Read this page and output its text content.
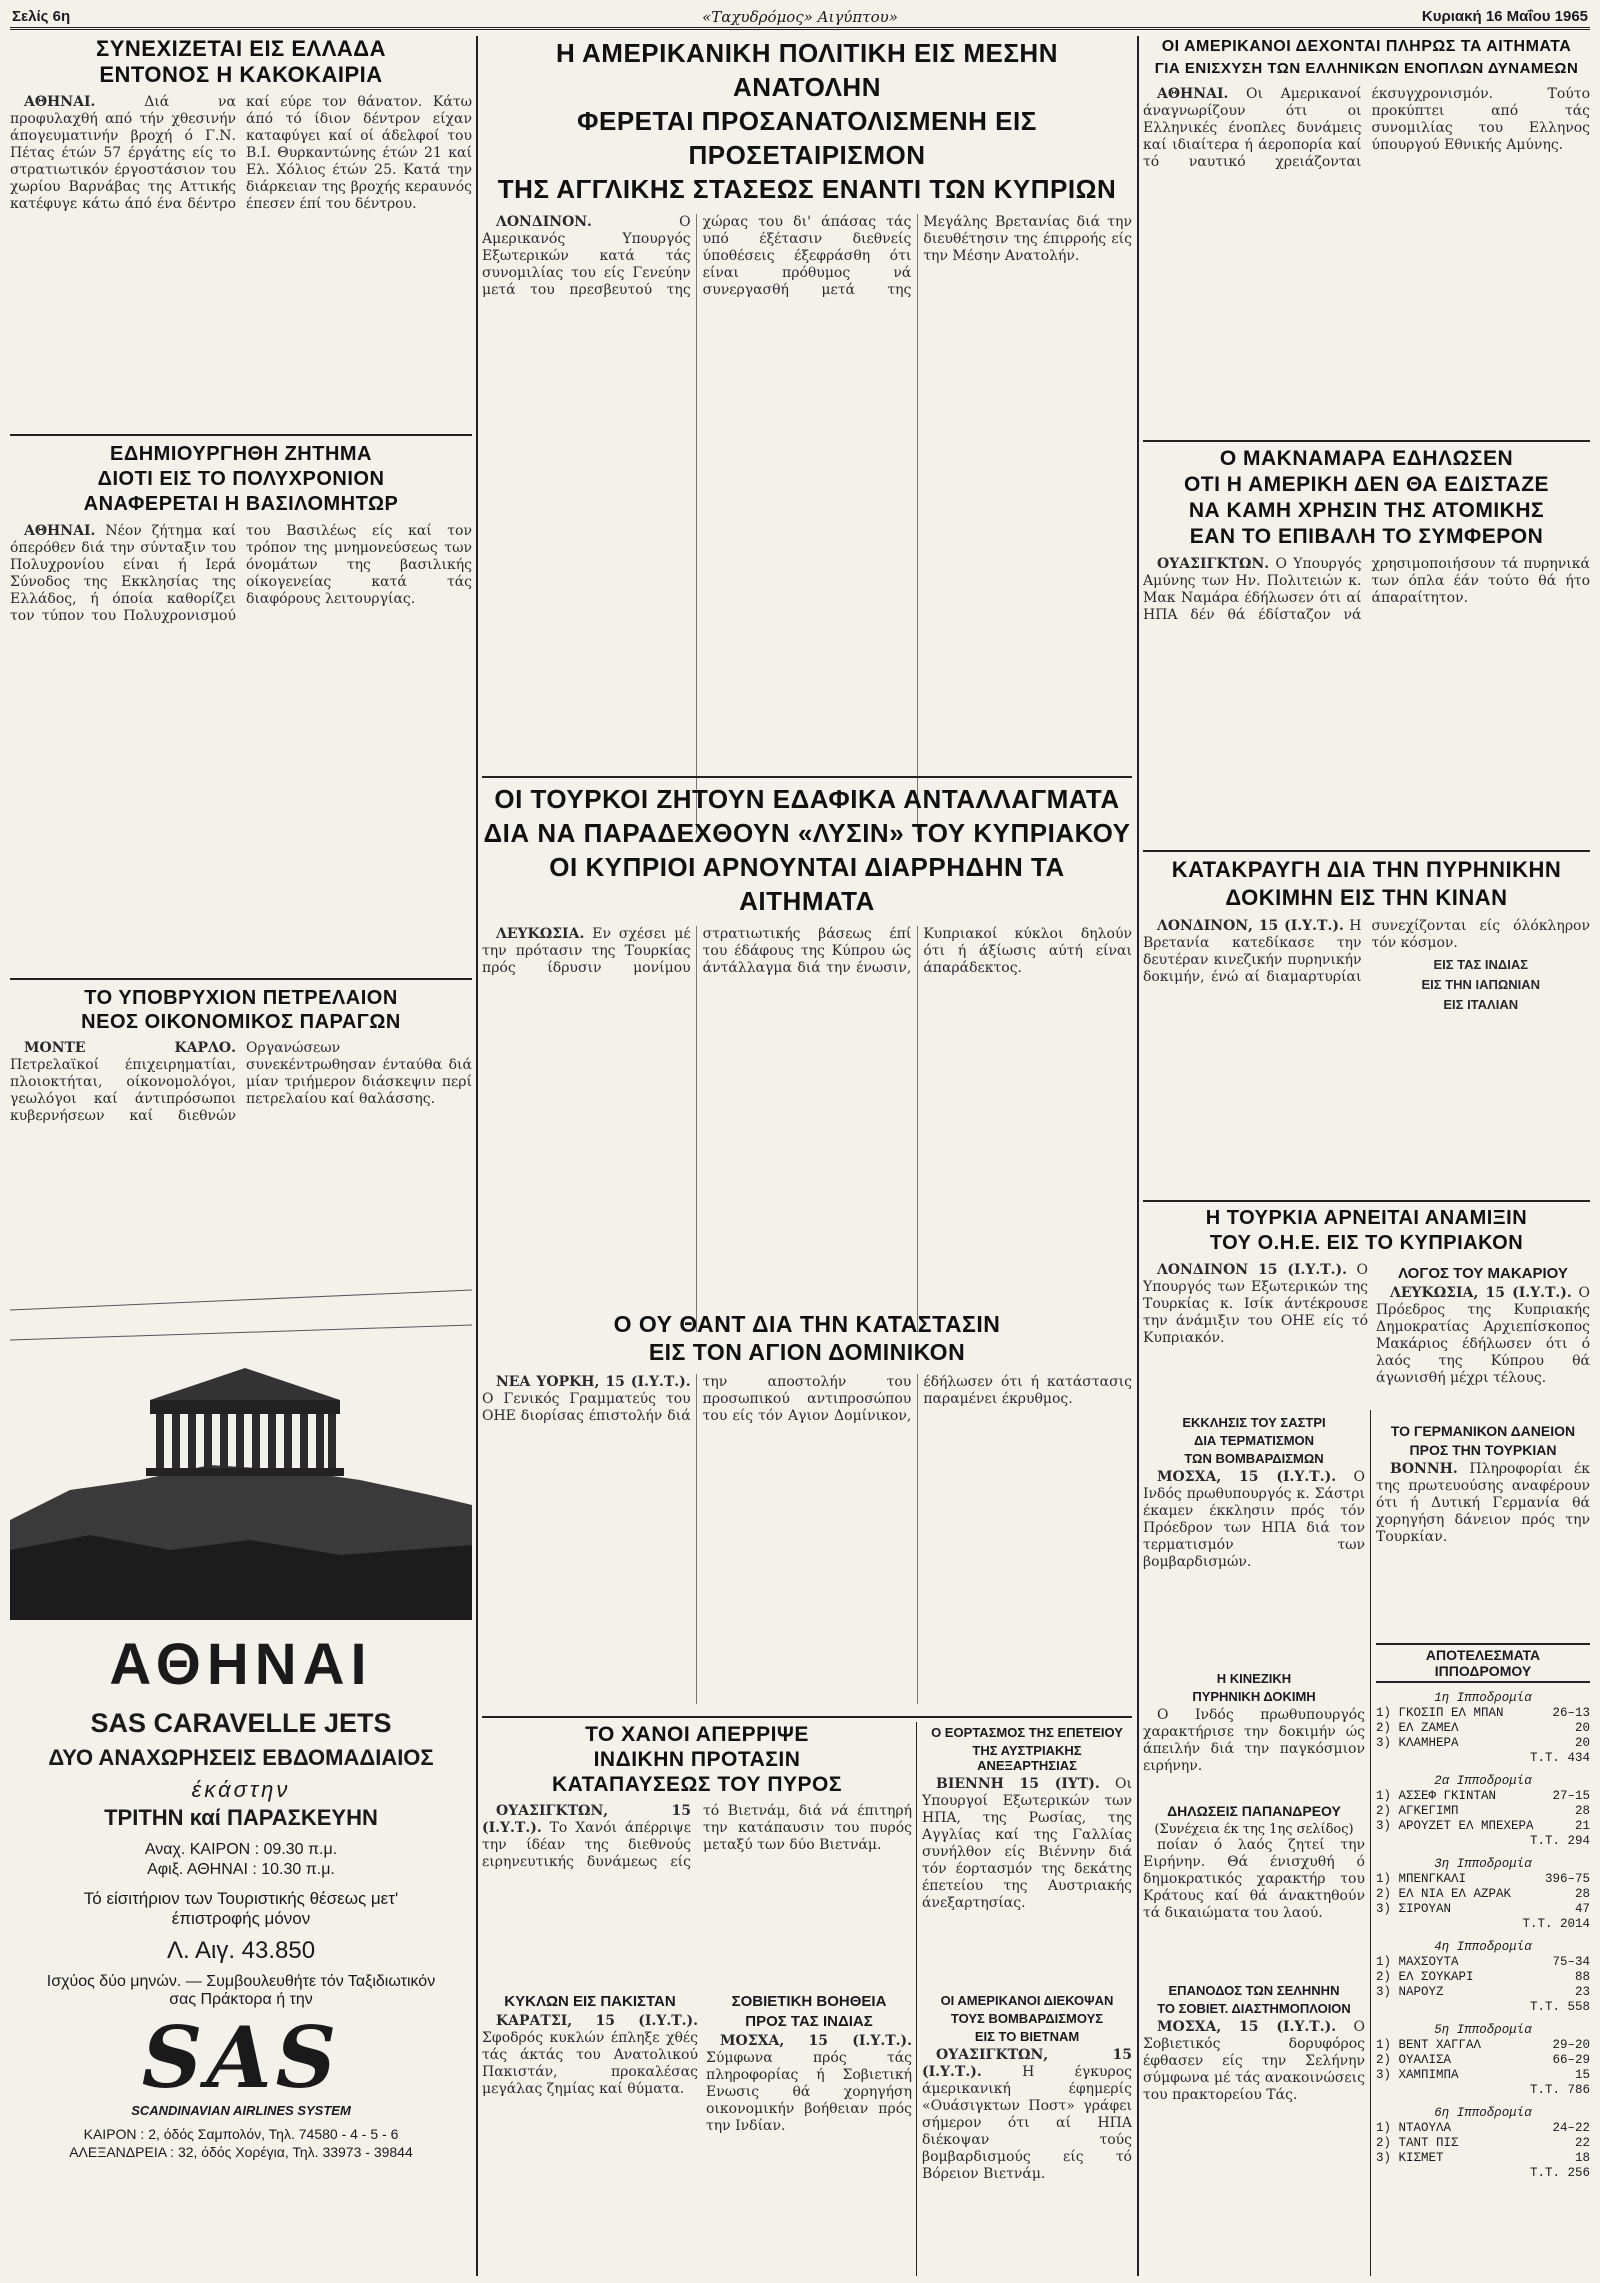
Σελίς 6η	«Ταχυδρόμος» Αιγύπτου»	Κυριακή 16 Μαΐου 1965
ΣΥΝΕΧΙΖΕΤΑΙ ΕΙΣ ΕΛΛΑΔΑ
ΕΝΤΟΝΟΣ Η ΚΑΚΟΚΑΙΡΙΑ

ΑΘΗΝΑΙ.	Διά να προφυλαχθή από τήν χθεσινήν άπογευματινήν βροχή ό Γ.Ν. Πέτας έτών 57 έργάτης είς το στρατιωτικόν έργοστάσιον του χωρίου Βαρνάβας της Αττικής κατέφυγε κάτω άπό ένα δέντρο καί εύρε τον θάνατον. Κάτω άπό τό ίδιον δέντρον είχαν καταφύγει καί οί άδελφοί του Β.Ι. Θυρκαντώνης έτών 21 καί Ελ. Χόλιος έτών 25. Κατά την διάρκειαν της βροχής κεραυνός έπεσεν έπί του δέντρου.

ΕΔΗΜΙΟΥΡΓΗΘΗ ΖΗΤΗΜΑ
ΔΙΟΤΙ ΕΙΣ ΤΟ ΠΟΛΥΧΡΟΝΙΟΝ
ΑΝΑΦΕΡΕΤΑΙ Η ΒΑΣΙΛΟΜΗΤΩΡ

ΑΘΗΝΑΙ. Νέον ζήτημα καί όπερόθεν διά την σύνταξιν του Πολυχρονίου είναι ή Ιερά Σύνοδος της Εκκλησίας της Ελλάδος, ή όποία καθορίζει τον τύπον του Πολυχρονισμού του Βασιλέως είς καί τον τρόπον της μνημονεύσεως των όνομάτων της βασιλικής οίκογενείας κατά τάς διαφόρους λειτουργίας.

ΤΟ ΥΠΟΒΡΥΧΙΟΝ ΠΕΤΡΕΛΑΙΟΝ
ΝΕΟΣ ΟΙΚΟΝΟΜΙΚΟΣ ΠΑΡΑΓΩΝ

ΜΟΝΤΕ ΚΑΡΛΟ. Πετρελαϊκοί έπιχειρηματίαι, πλοιοκτήται, οίκονομολόγοι, γεωλόγοι καί άντιπρόσωποι κυβερνήσεων καί διεθνών Οργανώσεων συνεκέντρωθησαν ένταύθα διά μίαν τριήμερον διάσκεψιν περί πετρελαίου καί θαλάσσης.

ΑΘΗΝΑΙ
SAS CARAVELLE JETS
ΔΥΟ ΑΝΑΧΩΡΗΣΕΙΣ ΕΒΔΟΜΑΔΙΑΙΟΣ
έκάστην
ΤΡΙΤΗΝ καί ΠΑΡΑΣΚΕΥΗΝ
Αναχ. ΚΑΙΡΟΝ : 09.30 π.μ.
Αφιξ. ΑΘΗΝΑΙ : 10.30 π.μ.
Τό είσιτήριον των Τουριστικής θέσεως μετ' έπιστροφής μόνον
Λ. Αιγ. 43.850
Ισχύος δύο μηνών. — Συμβουλευθήτε τόν Ταξιδιωτικόν σας Πράκτορα ή την
SAS
SCANDINAVIAN AIRLINES SYSTEM
ΚΑΙΡΟΝ : 2, όδός Σαμπολόν, Τηλ. 74580 - 4 - 5 - 6
ΑΛΕΞΑΝΔΡΕΙΑ : 32, όδός Χορέγια, Τηλ. 33973 - 39844
Η ΑΜΕΡΙΚΑΝΙΚΗ ΠΟΛΙΤΙΚΗ ΕΙΣ ΜΕΣΗΝ ΑΝΑΤΟΛΗΝ
ΦΕΡΕΤΑΙ ΠΡΟΣΑΝΑΤΟΛΙΣΜΕΝΗ ΕΙΣ ΠΡΟΣΕΤΑΙΡΙΣΜΟΝ
ΤΗΣ ΑΓΓΛΙΚΗΣ ΣΤΑΣΕΩΣ ΕΝΑΝΤΙ ΤΩΝ ΚΥΠΡΙΩΝ

ΛΟΝΔΙΝΟΝ.	Ο Αμερικανός Υπουργός Εξωτερικών κατά τάς συνομιλίας του είς Γενεύην μετά του πρεσβευτού της χώρας του δι' άπάσας τάς υπό έξέτασιν διεθνείς ύποθέσεις έξεφράσθη ότι είναι πρόθυμος νά συνεργασθή μετά της Μεγάλης Βρετανίας διά την διευθέτησιν της έπιρροής είς την Μέσην Ανατολήν.

ΟΙ ΤΟΥΡΚΟΙ ΖΗΤΟΥΝ ΕΔΑΦΙΚΑ ΑΝΤΑΛΛΑΓΜΑΤΑ
ΔΙΑ ΝΑ ΠΑΡΑΔΕΧΘΟΥΝ «ΛΥΣΙΝ» ΤΟΥ ΚΥΠΡΙΑΚΟΥ
ΟΙ ΚΥΠΡΙΟΙ ΑΡΝΟΥΝΤΑΙ ΔΙΑΡΡΗΔΗΝ ΤΑ ΑΙΤΗΜΑΤΑ

ΛΕΥΚΩΣΙΑ. Εν σχέσει μέ την πρότασιν της Τουρκίας πρός ίδρυσιν μονίμου στρατιωτικής βάσεως έπί του έδάφους της Κύπρου ώς άντάλλαγμα διά την ένωσιν, Κυπριακοί κύκλοι δηλούν ότι ή άξίωσις αύτή είναι άπαράδεκτος.

Ο ΟΥ ΘΑΝΤ ΔΙΑ ΤΗΝ ΚΑΤΑΣΤΑΣΙΝ
ΕΙΣ ΤΟΝ ΑΓΙΟΝ ΔΟΜΙΝΙΚΟΝ

ΝΕΑ ΥΟΡΚΗ, 15 (Ι.Υ.Τ.). Ο Γενικός Γραμματεύς του ΟΗΕ διορίσας έπιστολήν διά την αποστολήν του προσωπικού αντιπροσώπου του είς τόν Αγιον Δομίνικον, έδήλωσεν ότι ή κατάστασις παραμένει έκρυθμος.

ΤΟ ΧΑΝΟΙ ΑΠΕΡΡΙΨΕ
ΙΝΔΙΚΗΝ ΠΡΟΤΑΣΙΝ
ΚΑΤΑΠΑΥΣΕΩΣ ΤΟΥ ΠΥΡΟΣ

ΟΥΑΣΙΓΚΤΩΝ, 15 (Ι.Υ.Τ.). Το Χανόι άπέρριψε την ίδέαν της διεθνούς ειρηνευτικής δυνάμεως είς τό Βιετνάμ, διά νά έπιτηρή την κατάπαυσιν του πυρός μεταξύ των δύο Βιετνάμ.

ΚΥΚΛΩΝ ΕΙΣ ΠΑΚΙΣΤΑΝ

ΚΑΡΑΤΣΙ, 15 (Ι.Υ.Τ.). Σφοδρός κυκλών έπληξε χθές τάς άκτάς του Ανατολικού Πακιστάν, προκαλέσας μεγάλας ζημίας καί θύματα.

ΣΟΒΙΕΤΙΚΗ ΒΟΗΘΕΙΑ
ΠΡΟΣ ΤΑΣ ΙΝΔΙΑΣ

ΜΟΣΧΑ, 15 (Ι.Υ.Τ.). Σύμφωνα πρός τάς πληροφορίας ή Σοβιετική Ενωσις θά χορηγήση οικονομικήν βοήθειαν πρός την Ινδίαν.

Ο ΕΟΡΤΑΣΜΟΣ ΤΗΣ ΕΠΕΤΕΙΟΥ
ΤΗΣ ΑΥΣΤΡΙΑΚΗΣ ΑΝΕΞΑΡΤΗΣΙΑΣ

ΒΙΕΝΝΗ 15 (ΙΥΤ). Οι Υπουργοί Εξωτερικών των ΗΠΑ, της Ρωσίας, της Αγγλίας καί της Γαλλίας συνήλθον είς Βιέννην διά τόν έορτασμόν της δεκάτης έπετείου της Αυστριακής άνεξαρτησίας.

ΟΙ ΑΜΕΡΙΚΑΝΟΙ ΔΙΕΚΟΨΑΝ
ΤΟΥΣ ΒΟΜΒΑΡΔΙΣΜΟΥΣ
ΕΙΣ ΤΟ ΒΙΕΤΝΑΜ

ΟΥΑΣΙΓΚΤΩΝ, 15 (Ι.Υ.Τ.).	Η έγκυρος άμερικανική έφημερίς «Ουάσιγκτων Ποστ» γράφει σήμερον ότι αί ΗΠΑ διέκοψαν τούς βομβαρδισμούς είς τό Βόρειον Βιετνάμ.

ΟΙ ΑΜΕΡΙΚΑΝΟΙ ΔΕΧΟΝΤΑΙ ΠΛΗΡΩΣ ΤΑ ΑΙΤΗΜΑΤΑ
ΓΙΑ ΕΝΙΣΧΥΣΗ ΤΩΝ ΕΛΛΗΝΙΚΩΝ ΕΝΟΠΛΩΝ ΔΥΝΑΜΕΩΝ

ΑΘΗΝΑΙ. Οι Αμερικανοί άναγνωρίζουν ότι οι Ελληνικές ένοπλες δυνάμεις καί ιδιαίτερα ή άεροπορία καί τό ναυτικό χρειάζονται έκσυγχρονισμόν. Τούτο προκύπτει από τάς συνομιλίας του Ελληνος ύπουργού Εθνικής Αμύνης.

Ο ΜΑΚΝΑΜΑΡΑ ΕΔΗΛΩΣΕΝ
ΟΤΙ Η ΑΜΕΡΙΚΗ ΔΕΝ ΘΑ ΕΔΙΣΤΑΖΕ
ΝΑ ΚΑΜΗ ΧΡΗΣΙΝ ΤΗΣ ΑΤΟΜΙΚΗΣ
ΕΑΝ ΤΟ ΕΠΙΒΑΛΗ ΤΟ ΣΥΜΦΕΡΟΝ

ΟΥΑΣΙΓΚΤΩΝ. Ο Υπουργός Αμύνης των Ην. Πολιτειών κ. Μακ Ναμάρα έδήλωσεν ότι αί ΗΠΑ δέν θά έδίσταζον νά χρησιμοποιήσουν τά πυρηνικά των όπλα έάν τούτο θά ήτο άπαραίτητον.

ΚΑΤΑΚΡΑΥΓΗ ΔΙΑ ΤΗΝ ΠΥΡΗΝΙΚΗΝ
ΔΟΚΙΜΗΝ ΕΙΣ ΤΗΝ ΚΙΝΑΝ

ΛΟΝΔΙΝΟΝ, 15 (Ι.Υ.Τ.). Η Βρετανία κατεδίκασε την δευτέραν κινεζικήν πυρηνικήν δοκιμήν, ένώ αί διαμαρτυρίαι συνεχίζονται είς όλόκληρον τόν κόσμον.

ΕΙΣ ΤΑΣ ΙΝΔΙΑΣ
ΕΙΣ ΤΗΝ ΙΑΠΩΝΙΑΝ
ΕΙΣ ΙΤΑΛΙΑΝ
Η ΤΟΥΡΚΙΑ ΑΡΝΕΙΤΑΙ ΑΝΑΜΙΞΙΝ
ΤΟΥ Ο.Η.Ε. ΕΙΣ ΤΟ ΚΥΠΡΙΑΚΟΝ

ΛΟΝΔΙΝΟΝ 15 (Ι.Υ.Τ.). Ο Υπουργός των Εξωτερικών της Τουρκίας κ. Ισίκ άντέκρουσε την άνάμιξιν του ΟΗΕ είς τό Κυπριακόν.

ΛΟΓΟΣ ΤΟΥ ΜΑΚΑΡΙΟΥ

ΛΕΥΚΩΣΙΑ, 15 (Ι.Υ.Τ.). Ο Πρόεδρος της Κυπριακής Δημοκρατίας Αρχιεπίσκοπος Μακάριος έδήλωσεν ότι ό λαός της Κύπρου θά άγωνισθή μέχρι τέλους.

ΕΚΚΛΗΣΙΣ ΤΟΥ ΣΑΣΤΡΙ
ΔΙΑ ΤΕΡΜΑΤΙΣΜΟΝ
ΤΩΝ ΒΟΜΒΑΡΔΙΣΜΩΝ

ΜΟΣΧΑ, 15 (Ι.Υ.Τ.). Ο Ινδός πρωθυπουργός κ. Σάστρι έκαμεν έκκλησιν πρός τόν Πρόεδρον των ΗΠΑ διά τον τερματισμόν των βομβαρδισμών.

Η ΚΙΝΕΖΙΚΗ
ΠΥΡΗΝΙΚΗ ΔΟΚΙΜΗ

Ο Ινδός πρωθυπουργός χαρακτήρισε την δοκιμήν ώς άπειλήν διά την παγκόσμιον ειρήνην.

ΔΗΛΩΣΕΙΣ ΠΑΠΑΝΔΡΕΟΥ
(Συνέχεια έκ της 1ης σελίδος)

ποίαν ό λαός ζητεί την Ειρήνην. Θά ένισχυθή ό δημοκρατικός χαρακτήρ του Κράτους καί θά άνακτηθούν τά δικαιώματα του λαού.

ΕΠΑΝΟΔΟΣ ΤΩΝ ΣΕΛΗΝΗΝ
ΤΟ ΣΟΒΙΕΤ. ΔΙΑΣΤΗΜΟΠΛΟΙΟΝ

ΜΟΣΧΑ, 15 (Ι.Υ.Τ.). Ο Σοβιετικός δορυφόρος έφθασεν είς την Σελήνην σύμφωνα μέ τάς ανακοινώσεις του πρακτορείου Τάς.

ΤΟ ΓΕΡΜΑΝΙΚΟΝ ΔΑΝΕΙΟΝ
ΠΡΟΣ ΤΗΝ ΤΟΥΡΚΙΑΝ

ΒΟΝΝΗ. Πληροφορίαι έκ της πρωτευούσης αναφέρουν ότι ή Δυτική Γερμανία θά χορηγήση δάνειον πρός την Τουρκίαν.

ΑΠΟΤΕΛΕΣΜΑΤΑ ΙΠΠΟΔΡΟΜΟΥ
1η Ιπποδρομία
1) ΓΚΟΣΙΠ ΕΛ ΜΠΑΝ	26–13
2) ΕΛ ΖΑΜΕΛ	20
3) ΚΛΑΜΗΕΡΑ	20
Τ.Τ. 434
2α Ιπποδρομία
1) ΑΣΣΕΦ ΓΚΙΝΤΑΝ	27–15
2) ΑΓΚΕΓΙΜΠ	28
3) ΑΡΟΥΖΕΤ ΕΛ ΜΠΕΧΕΡΑ	21
Τ.Τ. 294
3η Ιπποδρομία
1) ΜΠΕΝΓΚΑΛΙ	396–75
2) ΕΛ ΝΙΑ ΕΛ ΑΖΡΑΚ	28
3) ΣΙΡΟΥΑΝ	47
Τ.Τ. 2014
4η Ιπποδρομία
1) ΜΑΧΣΟΥΤΑ	75–34
2) ΕΛ ΣΟΥΚΑΡΙ	88
3) ΝΑΡΟΥΖ	23
Τ.Τ. 558
5η Ιπποδρομία
1) ΒΕΝΤ ΧΑΓΓΑΛ	29–20
2) ΟΥΑΛΙΣΑ	66–29
3) ΧΑΜΠΙΜΠΑ	15
Τ.Τ. 786
6η Ιπποδρομία
1) ΝΤΑΟΥΛΑ	24–22
2) ΤΑΝΤ ΠΙΣ	22
3) ΚΙΣΜΕΤ	18
Τ.Τ. 256
